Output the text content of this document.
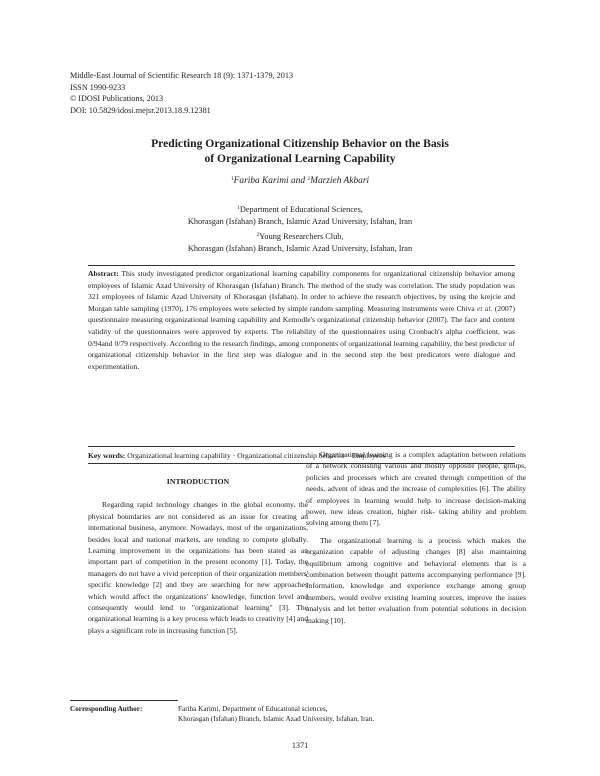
Middle-East Journal of Scientific Research 18 (9): 1371-1379, 2013
ISSN 1990-9233
© IDOSI Publications, 2013
DOI: 10.5829/idosi.mejsr.2013.18.9.12381
Predicting Organizational Citizenship Behavior on the Basis
of Organizational Learning Capability
$^1$Fariba Karimi and $^2$Marzieh Akbari
$^1$Department of Educational Sciences,
Khorasgan (Isfahan) Branch, Islamic Azad University, Isfahan, Iran
$^2$Young Researchers Club,
Khorasgan (Isfahan) Branch, Islamic Azad University, Isfahan, Iran
Abstract: This study investigated predictor organizational learning capability components for organizational citizenship behavior among employees of Islamic Azad University of Khorasgan (Isfahan) Branch. The method of the study was correlation. The study population was 321 employees of Islamic Azad University of Khorasgan (Isfahan). In order to achieve the research objectives, by using the krejcie and Morgan table sampling (1970), 176 employees were selected by simple random sampling. Measuring instruments were Chiva et al. (2007) questionnaire measuring organizational learning capability and Kemodle's organizational citizenship behavior (2007). The face and content validity of the questionnaires were approved by experts. The reliability of the questionnaires using Cronbach's alpha coefficient, was 0/94and 0/79 respectively. According to the research findings, among components of organizational learning capability, the best predictor of organizational citizenship behavior in the first step was dialogue and in the second step the best predicators were dialogue and experimentation.
Key words: Organizational learning capability · Organizational citizenship behavior · Employees
INTRODUCTION

Regarding rapid technology changes in the global economy, the physical boundaries are not considered as an issue for creating an international business, anymore. Nowadays, most of the organizations, besides local and national markets, are tending to compete globally. Learning improvement in the organizations has been stated as an important part of competition in the present economy [1]. Today, the managers do not have a vivid perception of their organization members' specific knowledge [2] and they are searching for new approaches which would affect the organizations' knowledge, function level and consequently would lend to "organizational learning" [3]. The organizational learning is a key process which leads to creativity [4] and plays a significant role in increasing function [5].

Organizational learning is a complex adaptation between relations of a network consisting various and mostly opposite people, groups, policies and processes which are created through competition of the needs, advent of ideas and the increase of complexities [6]. The ability of employees in learning would help to increase decision-making power, new ideas creation, higher risk- taking ability and problem solving among them [7].

The organizational learning is a process which makes the organization capable of adjusting changes [8] also maintaining equilibrium among cognitive and behavioral elements that is a combination between thought patterns accompanying performance [9]. Information, knowledge and experience exchange among group members, would evolve existing learning sources, improve the issues analysis and let better evaluation from potential solutions in decision making [10].

Corresponding Author:	Fariba Karimi, Department of Educational sciences,
Khorasgan (Isfahan) Branch, Islamic Azad University, Isfahan, Iran.
1371
